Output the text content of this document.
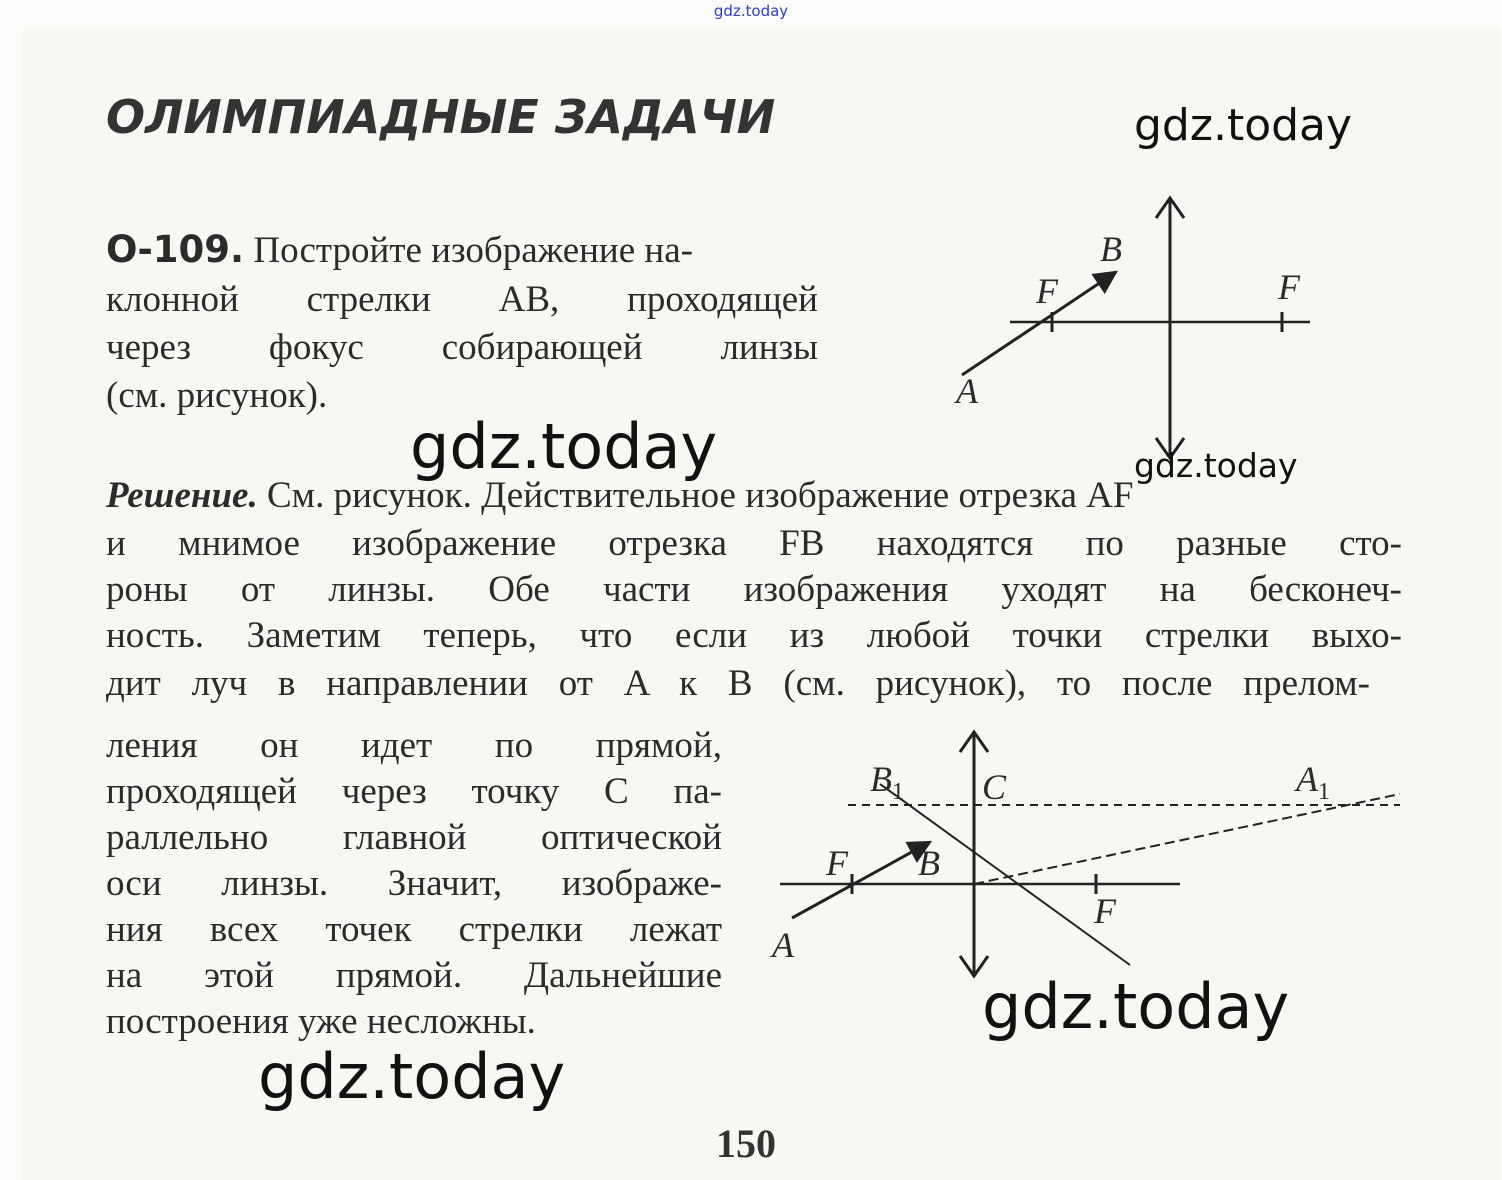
gdz.today
ОЛИМПИАДНЫЕ ЗАДАЧИ
О-109. Постройте изображение на-
клонной стрелки AB, проходящей
через фокус собирающей линзы
(см. рисунок).
Решение. См. рисунок. Действительное изображение отрезка AF
и мнимое изображение отрезка FB находятся по разные сто-
роны от линзы. Обе части изображения уходят на бесконеч-
ность. Заметим теперь, что если из любой точки стрелки выхо-
дит луч в направлении от A к B (см. рисунок), то после прелом-
ления он идет по прямой,
проходящей через точку C па-
раллельно главной оптической
оси линзы. Значит, изображе-
ния всех точек стрелки лежат
на этой прямой. Дальнейшие
построения уже несложны.
B
F	F
A
$B_1$ C	$A_1$
F B
F
A
gdz.today
gdz.today	gdz.today
gdz.today
gdz.today
150
